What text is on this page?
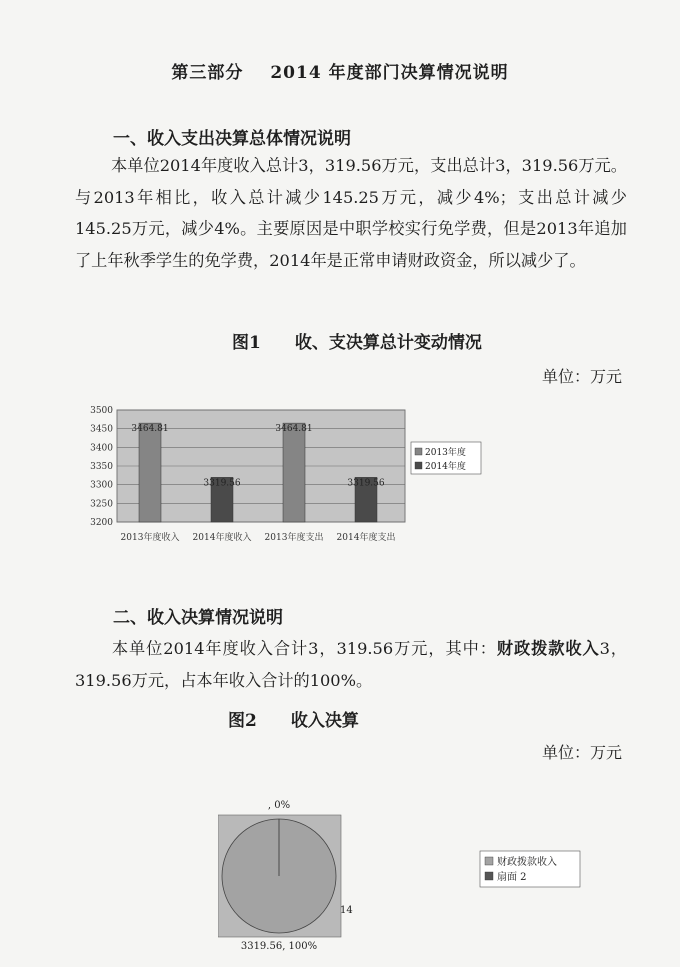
第三部分 2014 年度部门决算情况说明
一、收入支出决算总体情况说明
本单位2014年度收入总计3，319.56万元，支出总计3，319.56万元。与2013年相比，收入总计减少145.25万元，减少4%；支出总计减少145.25万元，减少4%。主要原因是中职学校实行免学费，但是2013年追加了上年秋季学生的免学费，2014年是正常申请财政资金，所以减少了。
图1　　收、支决算总计变动情况
单位：万元
3500
3450
3400
3350
3300
3250
3200
2013年度收入
3464.81
2014年度收入
3319.56
2013年度支出
3464.81
2014年度支出
3319.56
2013年度
2014年度
二、收入决算情况说明
本单位2014年度收入合计3，319.56万元，其中：财政拨款收入3，319.56万元，占本年收入合计的100%。
图2　　收入决算
单位：万元
, 0%
3319.56, 100%
财政拨款收入
扇面 2
14
